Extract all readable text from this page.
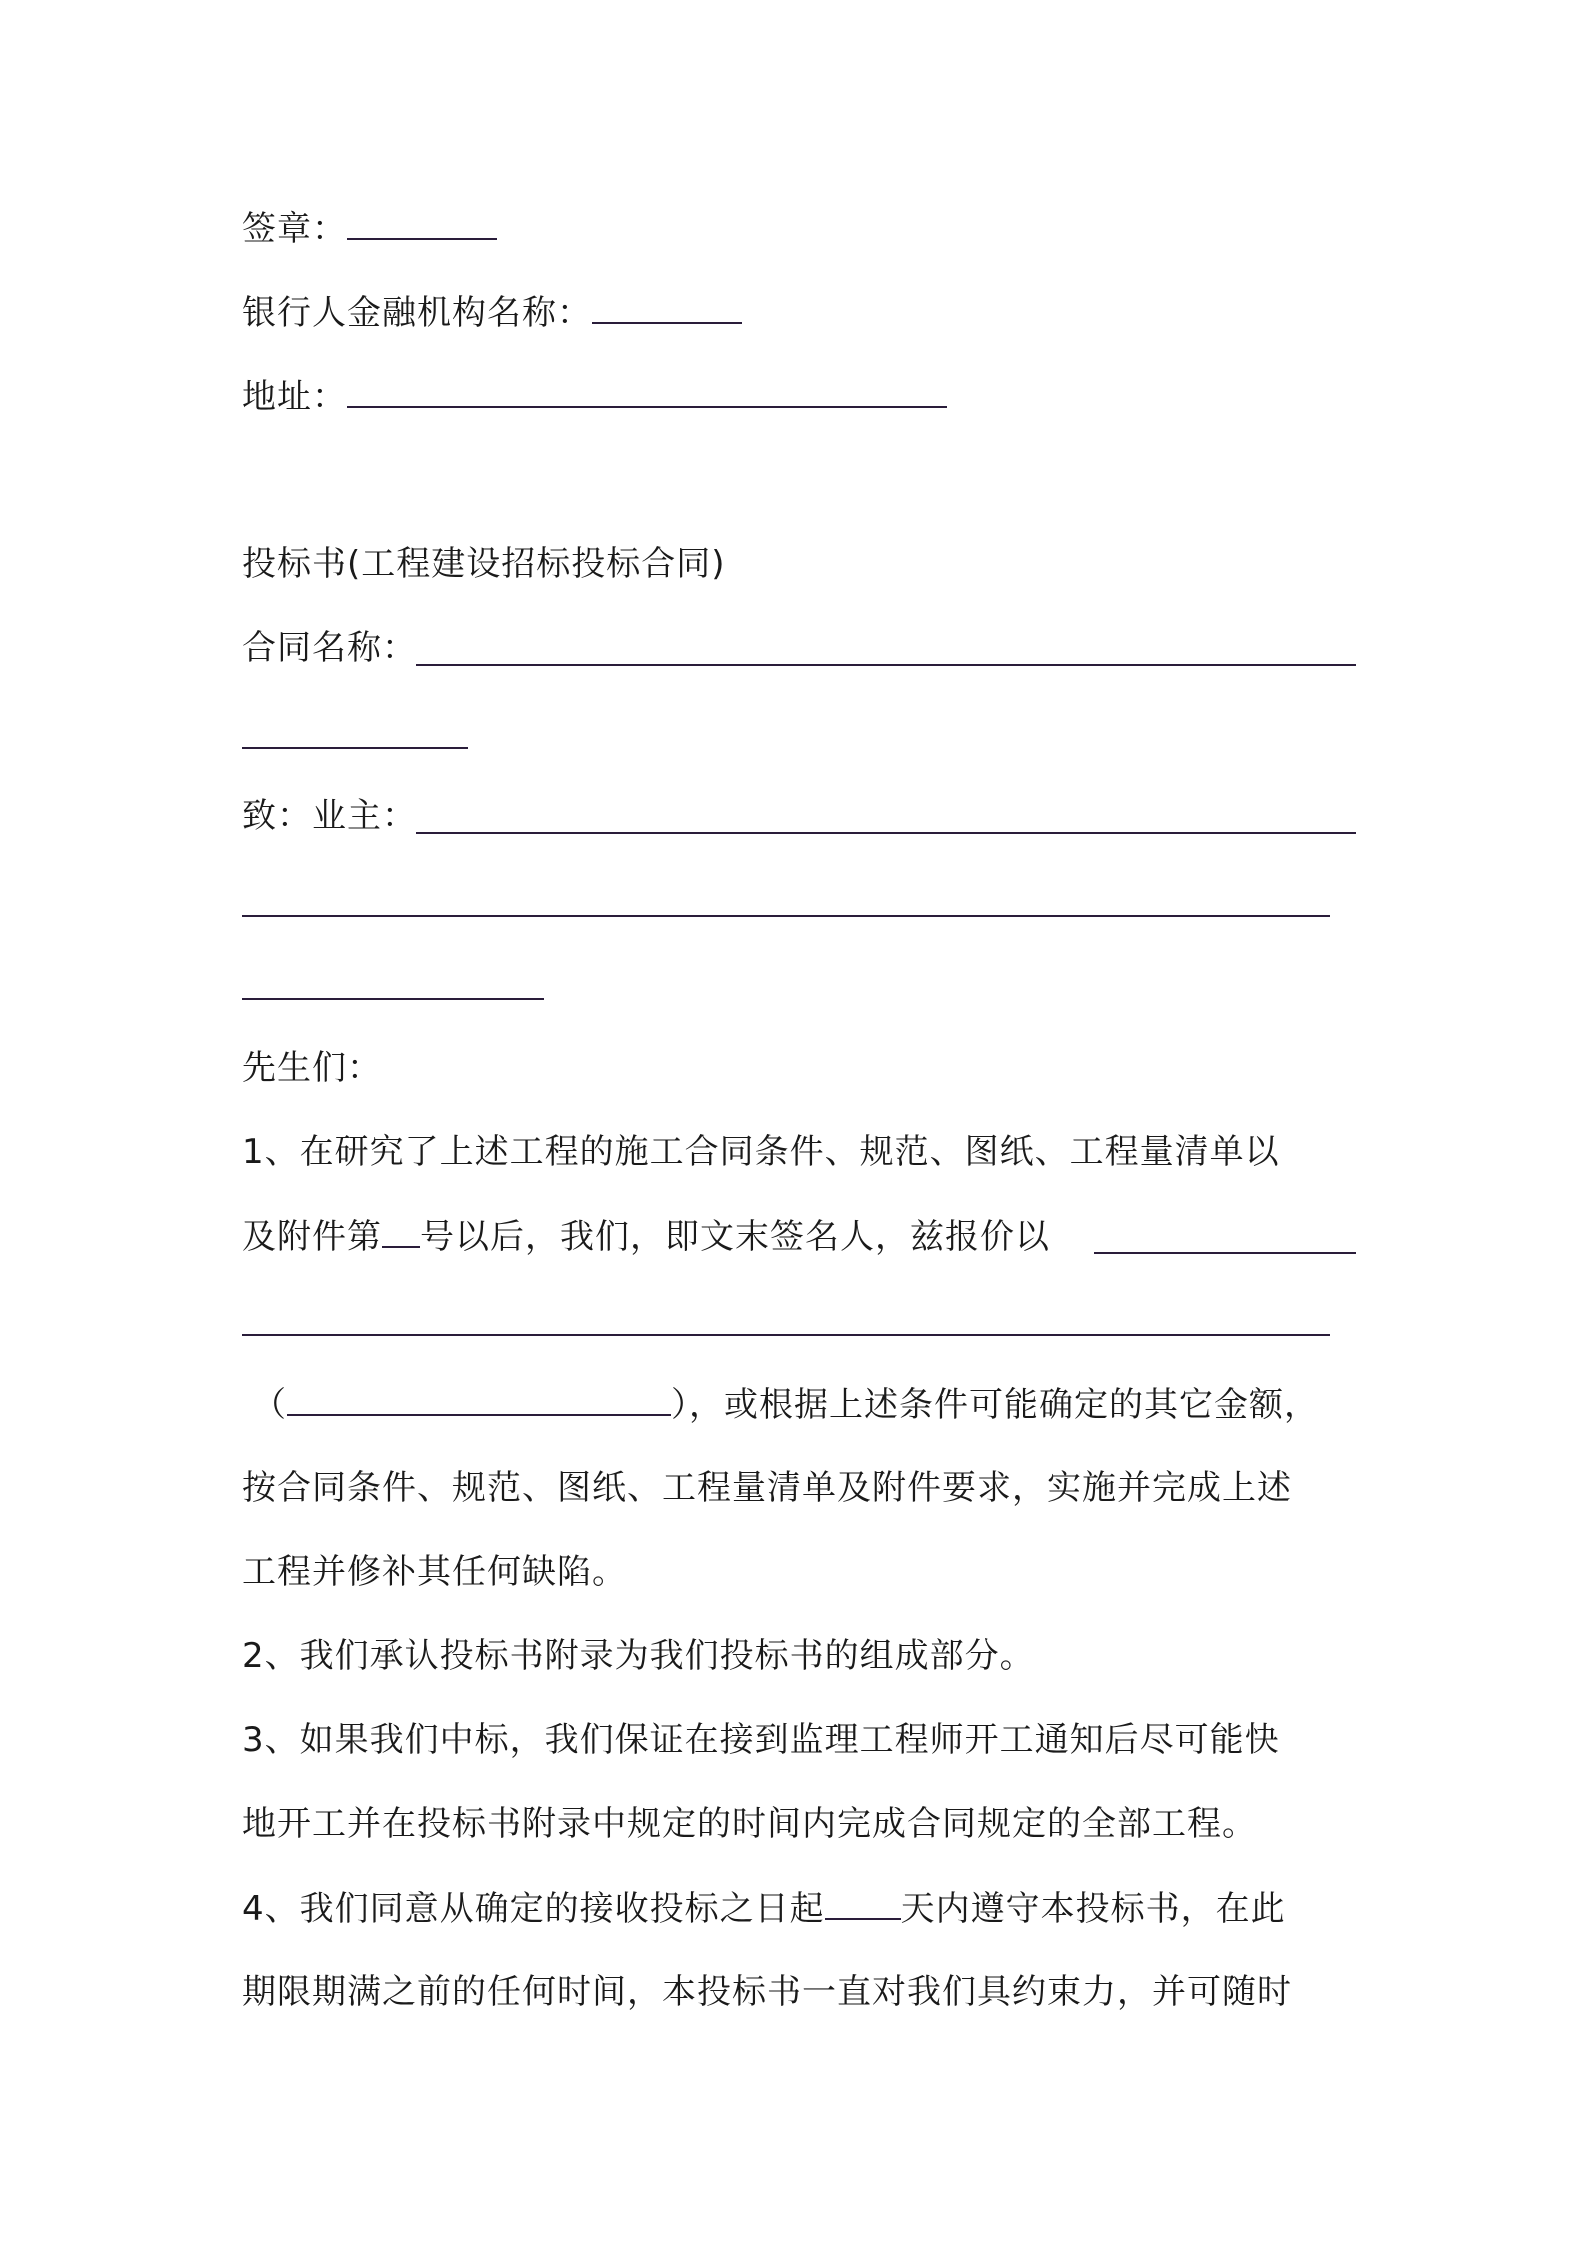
签章：
银行人金融机构名称：
地址：
投标书(工程建设招标投标合同)
合同名称：
致：业主：
先生们：
1、在研究了上述工程的施工合同条件、规范、图纸、工程量清单以
及附件第 号以后，我们，即文末签名人，兹报价以
（	），或根据上述条件可能确定的其它金额，
按合同条件、规范、图纸、工程量清单及附件要求，实施并完成上述
工程并修补其任何缺陷。
2、我们承认投标书附录为我们投标书的组成部分。
3、如果我们中标，我们保证在接到监理工程师开工通知后尽可能快
地开工并在投标书附录中规定的时间内完成合同规定的全部工程。
4、我们同意从确定的接收投标之日起 天内遵守本投标书，在此
期限期满之前的任何时间，本投标书一直对我们具约束力，并可随时
